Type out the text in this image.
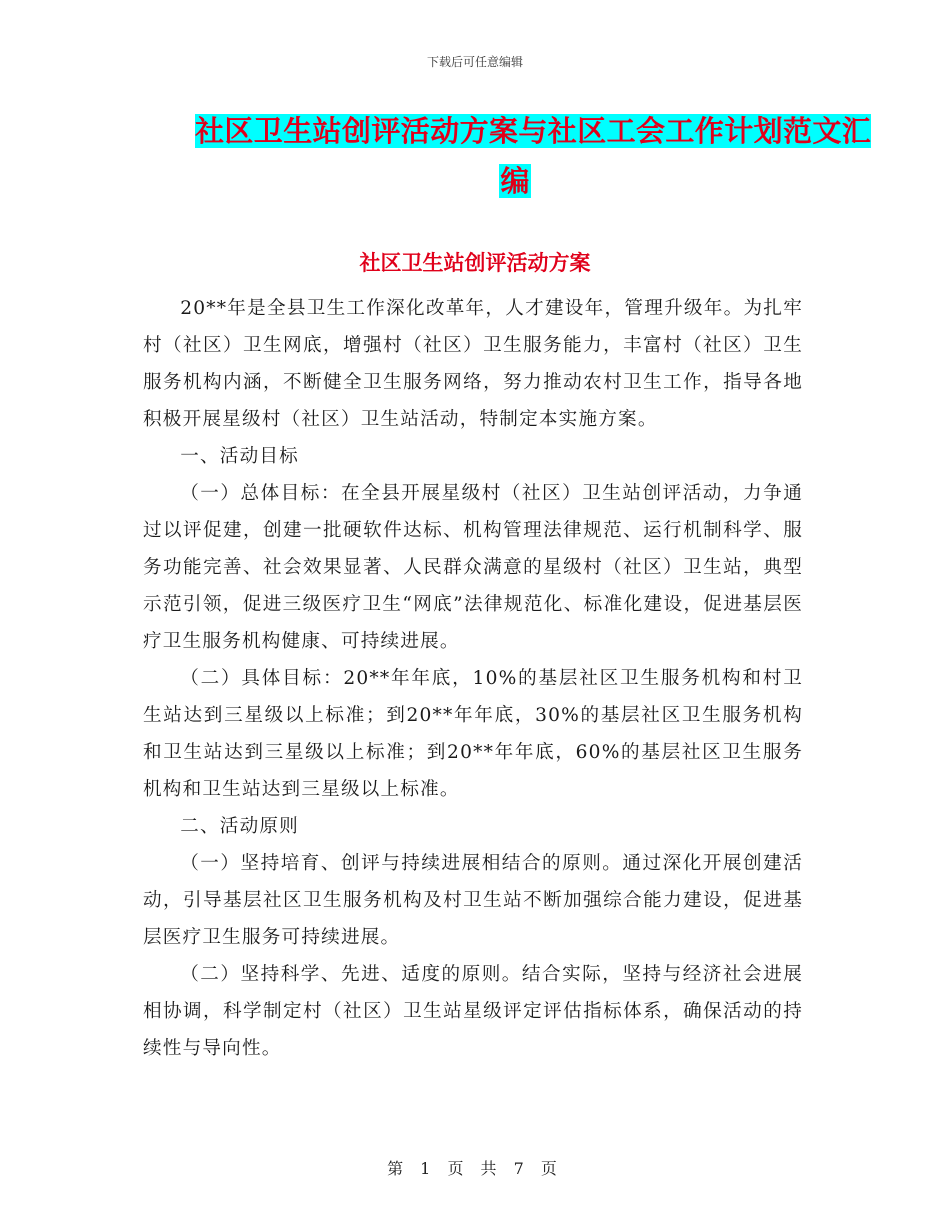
下载后可任意编辑
社区卫生站创评活动方案与社区工会工作计划范文汇
编
社区卫生站创评活动方案

20**年是全县卫生工作深化改革年，人才建设年，管理升级年。为扎牢村（社区）卫生网底，增强村（社区）卫生服务能力，丰富村（社区）卫生服务机构内涵，不断健全卫生服务网络，努力推动农村卫生工作，指导各地积极开展星级村（社区）卫生站活动，特制定本实施方案。

一、活动目标

（一）总体目标：在全县开展星级村（社区）卫生站创评活动，力争通过以评促建，创建一批硬软件达标、机构管理法律规范、运行机制科学、服务功能完善、社会效果显著、人民群众满意的星级村（社区）卫生站，典型示范引领，促进三级医疗卫生“网底”法律规范化、标准化建设，促进基层医疗卫生服务机构健康、可持续进展。

（二）具体目标：20**年年底，10%的基层社区卫生服务机构和村卫生站达到三星级以上标准；到20**年年底，30%的基层社区卫生服务机构和卫生站达到三星级以上标准；到20**年年底，60%的基层社区卫生服务机构和卫生站达到三星级以上标准。

二、活动原则

（一）坚持培育、创评与持续进展相结合的原则。通过深化开展创建活动，引导基层社区卫生服务机构及村卫生站不断加强综合能力建设，促进基层医疗卫生服务可持续进展。

（二）坚持科学、先进、适度的原则。结合实际，坚持与经济社会进展相协调，科学制定村（社区）卫生站星级评定评估指标体系，确保活动的持续性与导向性。

第 1 页 共 7 页
